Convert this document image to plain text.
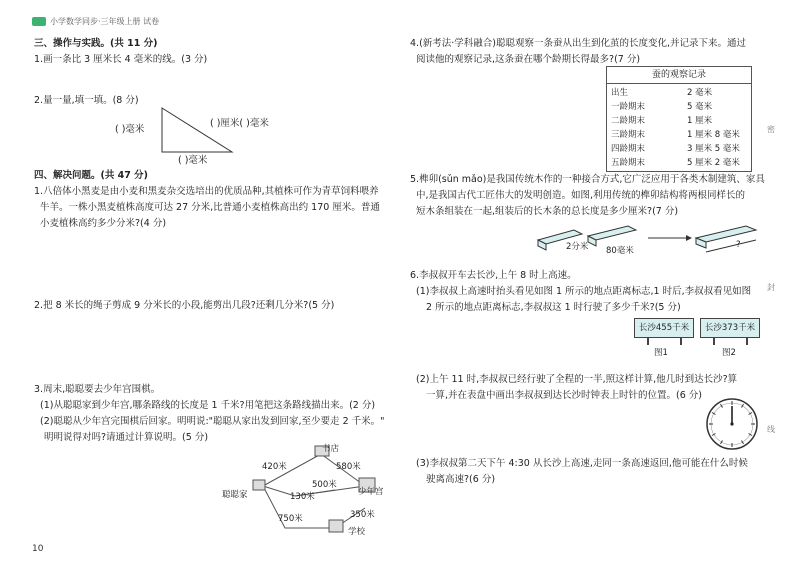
小学数学同步·三年级上册 试卷
三、操作与实践。(共 11 分)
1.画一条比 3 厘米长 4 毫米的线。(3 分)
2.量一量,填一填。(8 分)
( )毫米
( )厘米( )毫米
( )毫米
四、解决问题。(共 47 分)
1.八倍体小黑麦是由小麦和黑麦杂交选培出的优质品种,其植株可作为青草饲料喂养
牛羊。一株小黑麦植株高度可达 27 分米,比普通小麦植株高出约 170 厘米。普通
小麦植株高约多少分米?(4 分)
2.把 8 米长的绳子剪成 9 分米长的小段,能剪出几段?还剩几分米?(5 分)
3.周末,聪聪要去少年宫围棋。
(1)从聪聪家到少年宫,哪条路线的长度是 1 千米?用笔把这条路线描出来。(2 分)
(2)聪聪从少年宫完围棋后回家。明明说:"聪聪从家出发到回家,至少要走 2 千米。"
明明说得对吗?请通过计算说明。(5 分)
书店
聪聪家	少年宫
学校
420米	580米
500米
130米
750米	350米
10
4.(新考法·学科融合)聪聪观察一条蚕从出生到化茧的长度变化,并记录下来。通过
阅读他的观察记录,这条蚕在哪个龄期长得最多?(7 分)
蚕的观察记录
出生	2 毫米
一龄期末	5 毫米
二龄期末	1 厘米
三龄期末	1 厘米 8 毫米
四龄期末	3 厘米 5 毫米
五龄期末	5 厘米 2 毫米
5.榫卯(sǔn mǎo)是我国传统木作的一种接合方式,它广泛应用于各类木制建筑、家具
中,是我国古代工匠伟大的发明创造。如图,利用传统的榫卯結构将两根同样长的
短木条组装在一起,组装后的长木条的总长度是多少厘米?(7 分)
2分米 80毫米
?
6.李叔叔开车去长沙,上午 8 时上高速。
(1)李叔叔上高速时抬头看见如图 1 所示的地点距离标志,1 时后,李叔叔看见如图
2 所示的地点距离标志,李叔叔这 1 时行驶了多少千米?(5 分)
长沙455千米
图1
长沙373千米
图2
(2)上午 11 时,李叔叔已经行驶了全程的一半,照这样计算,他几时到达长沙?算
一算,并在表盘中画出李叔叔到达长沙时钟表上时针的位置。(6 分)
(3)李叔叔第二天下午 4:30 从长沙上高速,走同一条高速返回,他可能在什么时候
驶离高速?(6 分)
密
封
线
